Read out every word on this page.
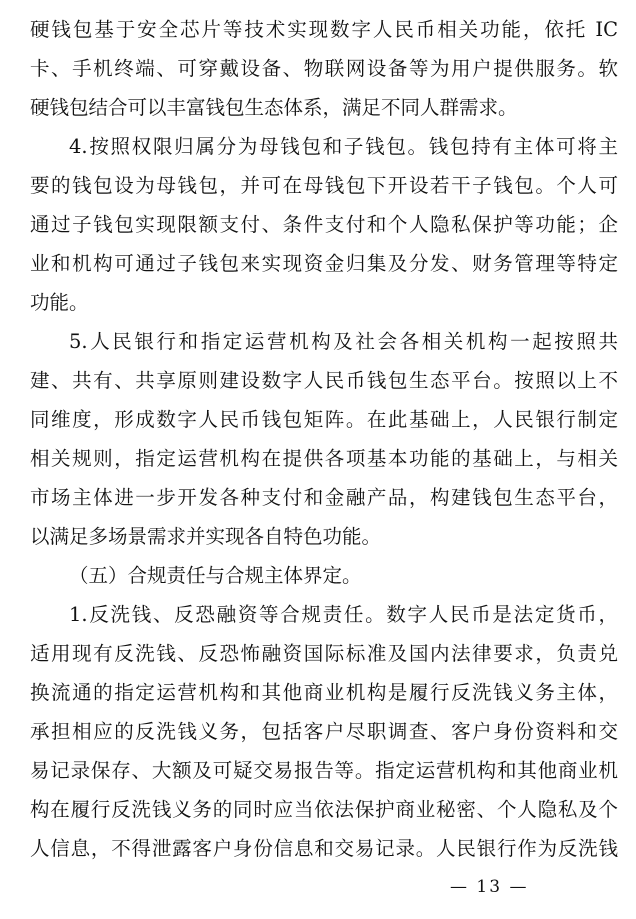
硬钱包基于安全芯片等技术实现数字人民币相关功能，依托 IC
卡、手机终端、可穿戴设备、物联网设备等为用户提供服务。软
硬钱包结合可以丰富钱包生态体系，满足不同人群需求。
4.按照权限归属分为母钱包和子钱包。钱包持有主体可将主
要的钱包设为母钱包，并可在母钱包下开设若干子钱包。个人可
通过子钱包实现限额支付、条件支付和个人隐私保护等功能；企
业和机构可通过子钱包来实现资金归集及分发、财务管理等特定
功能。
5.人民银行和指定运营机构及社会各相关机构一起按照共
建、共有、共享原则建设数字人民币钱包生态平台。按照以上不
同维度，形成数字人民币钱包矩阵。在此基础上，人民银行制定
相关规则，指定运营机构在提供各项基本功能的基础上，与相关
市场主体进一步开发各种支付和金融产品，构建钱包生态平台，
以满足多场景需求并实现各自特色功能。
（五）合规责任与合规主体界定。
1.反洗钱、反恐融资等合规责任。数字人民币是法定货币，
适用现有反洗钱、反恐怖融资国际标准及国内法律要求，负责兑
换流通的指定运营机构和其他商业机构是履行反洗钱义务主体，
承担相应的反洗钱义务，包括客户尽职调查、客户身份资料和交
易记录保存、大额及可疑交易报告等。指定运营机构和其他商业机
构在履行反洗钱义务的同时应当依法保护商业秘密、个人隐私及个
人信息，不得泄露客户身份信息和交易记录。人民银行作为反洗钱
— 13 —
